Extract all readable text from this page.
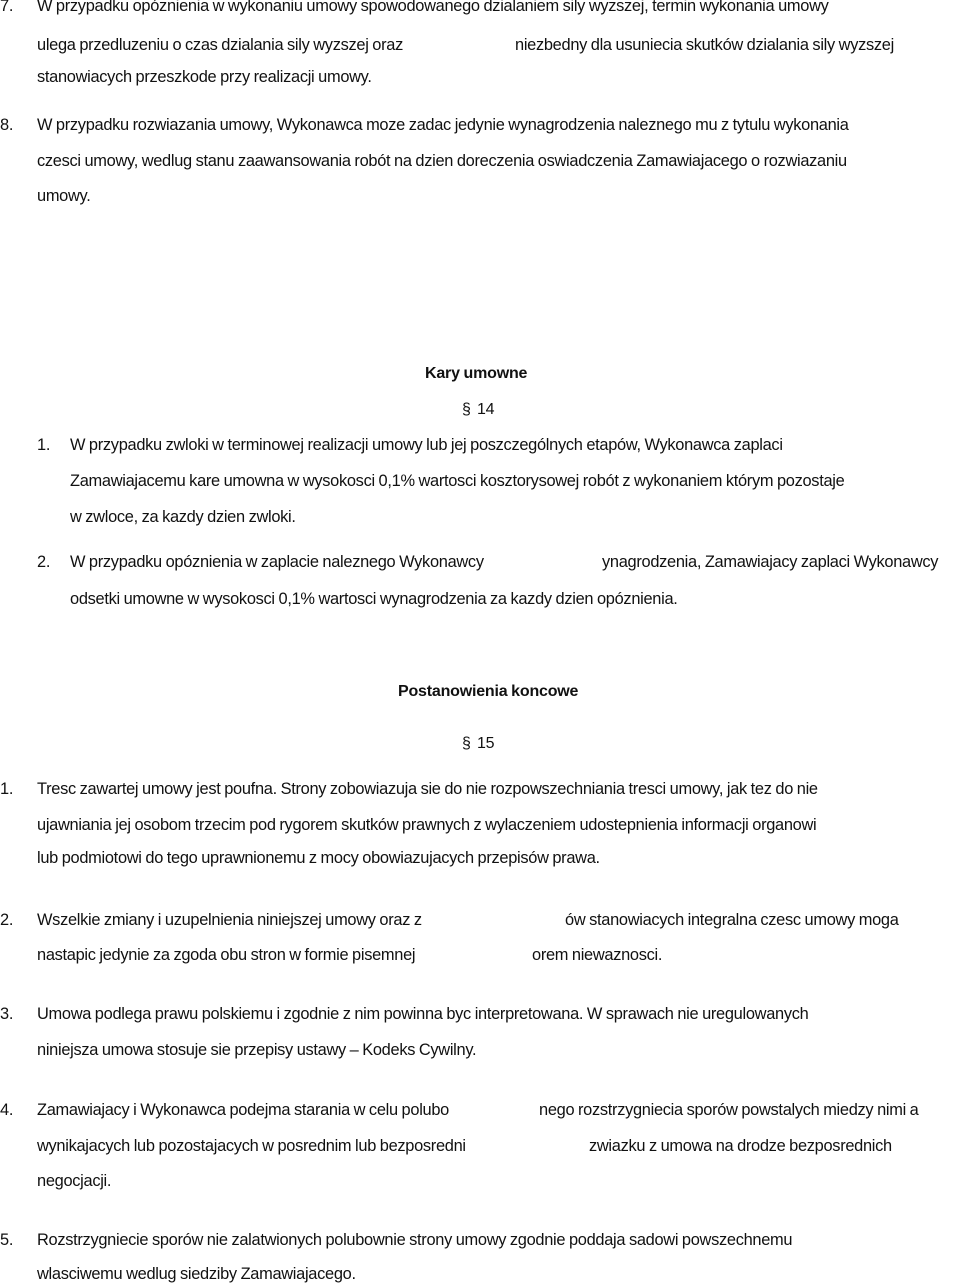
7. W przypadku opóznienia w wykonaniu umowy spowodowanego dzialaniem sily wyzszej, termin wykonania umowy
ulega przedluzeniu o czas dzialania sily wyzszej oraz	niezbedny dla usuniecia skutków dzialania sily wyzszej
stanowiacych przeszkode przy realizacji umowy.
8. W przypadku rozwiazania umowy, Wykonawca moze zadac jedynie wynagrodzenia naleznego mu z tytulu wykonania
czesci umowy, wedlug stanu zaawansowania robót na dzien doreczenia oswiadczenia Zamawiajacego o rozwiazaniu
umowy.
Kary umowne
§ 14
1. W przypadku zwloki w terminowej realizacji umowy lub jej poszczególnych etapów, Wykonawca zaplaci
Zamawiajacemu kare umowna w wysokosci 0,1% wartosci kosztorysowej robót z wykonaniem którym pozostaje
w zwloce, za kazdy dzien zwloki.
2. W przypadku opóznienia w zaplacie naleznego Wykonawcy	ynagrodzenia, Zamawiajacy zaplaci Wykonawcy
odsetki umowne w wysokosci 0,1% wartosci wynagrodzenia za kazdy dzien opóznienia.
Postanowienia koncowe
§ 15
1. Tresc zawartej umowy jest poufna. Strony zobowiazuja sie do nie rozpowszechniania tresci umowy, jak tez do nie
ujawniania jej osobom trzecim pod rygorem skutków prawnych z wylaczeniem udostepnienia informacji organowi
lub podmiotowi do tego uprawnionemu z mocy obowiazujacych przepisów prawa.
2. Wszelkie zmiany i uzupelnienia niniejszej umowy oraz z	ów stanowiacych integralna czesc umowy moga
nastapic jedynie za zgoda obu stron w formie pisemnej	orem niewaznosci.
3. Umowa podlega prawu polskiemu i zgodnie z nim powinna byc interpretowana. W sprawach nie uregulowanych
niniejsza umowa stosuje sie przepisy ustawy – Kodeks Cywilny.
4. Zamawiajacy i Wykonawca podejma starania w celu polubo	nego rozstrzygniecia sporów powstalych miedzy nimi a
wynikajacych lub pozostajacych w posrednim lub bezposredni	zwiazku z umowa na drodze bezposrednich
negocjacji.
5. Rozstrzygniecie sporów nie zalatwionych polubownie strony umowy zgodnie poddaja sadowi powszechnemu
wlasciwemu wedlug siedziby Zamawiajacego.
